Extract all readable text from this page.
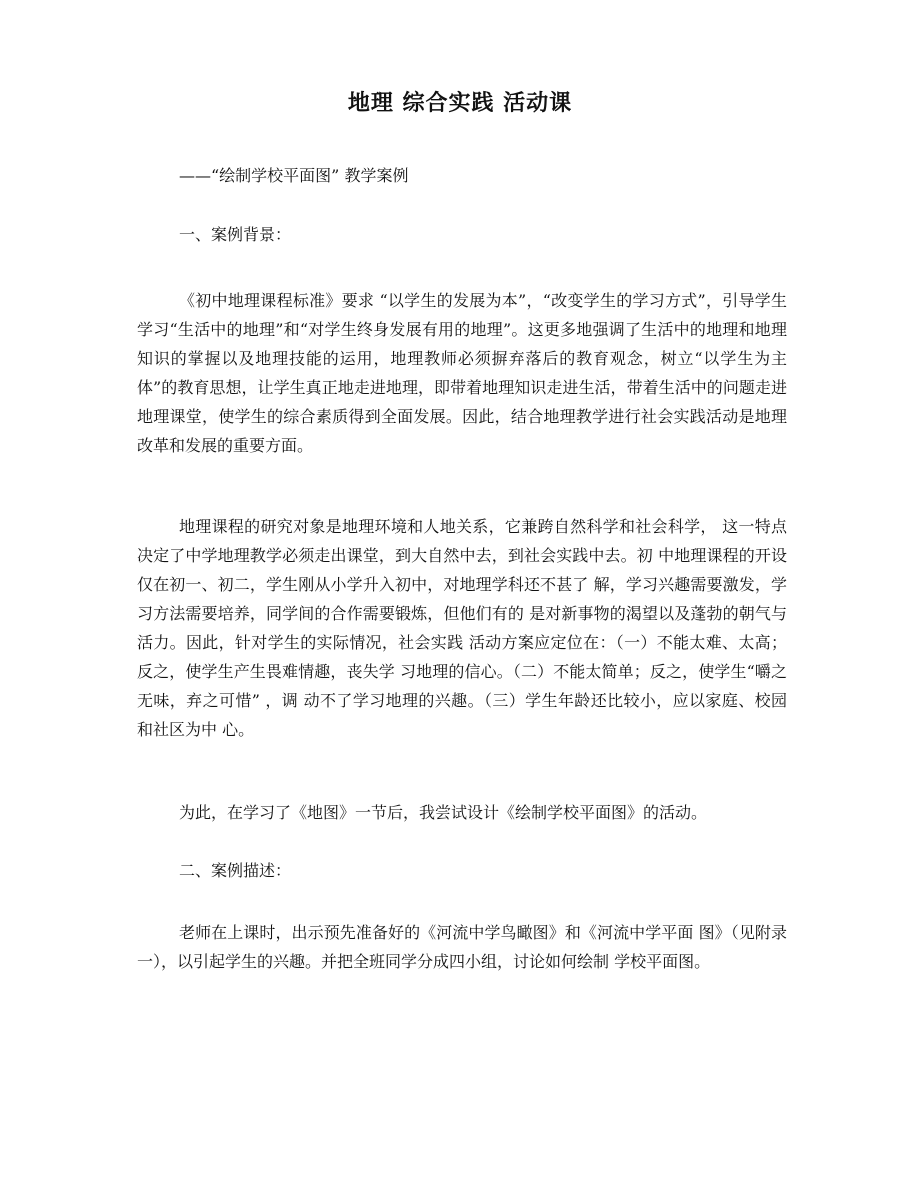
地理 综合实践 活动课
——“绘制学校平面图” 教学案例
一、案例背景：
《初中地理课程标准》要求 “以学生的发展为本”，“改变学生的学习方式”，引导学生学习“生活中的地理”和“对学生终身发展有用的地理”。这更多地强调了生活中的地理和地理知识的掌握以及地理技能的运用，地理教师必须摒弃落后的教育观念，树立“以学生为主体”的教育思想，让学生真正地走进地理，即带着地理知识走进生活，带着生活中的问题走进地理课堂，使学生的综合素质得到全面发展。因此，结合地理教学进行社会实践活动是地理改革和发展的重要方面。
地理课程的研究对象是地理环境和人地关系，它兼跨自然科学和社会科学， 这一特点决定了中学地理教学必须走出课堂，到大自然中去，到社会实践中去。初 中地理课程的开设仅在初一、初二，学生刚从小学升入初中，对地理学科还不甚了 解，学习兴趣需要激发，学习方法需要培养，同学间的合作需要锻炼，但他们有的 是对新事物的渴望以及蓬勃的朝气与活力。因此，针对学生的实际情况，社会实践 活动方案应定位在：（一）不能太难、太高；反之，使学生产生畏难情趣，丧失学 习地理的信心。（二）不能太简单；反之，使学生“嚼之无味，弃之可惜” ，调 动不了学习地理的兴趣。（三）学生年龄还比较小，应以家庭、校园和社区为中 心。
为此，在学习了《地图》一节后，我尝试设计《绘制学校平面图》的活动。
二、案例描述：
老师在上课时，出示预先准备好的《河流中学鸟瞰图》和《河流中学平面 图》（见附录一），以引起学生的兴趣。并把全班同学分成四小组，讨论如何绘制 学校平面图。
